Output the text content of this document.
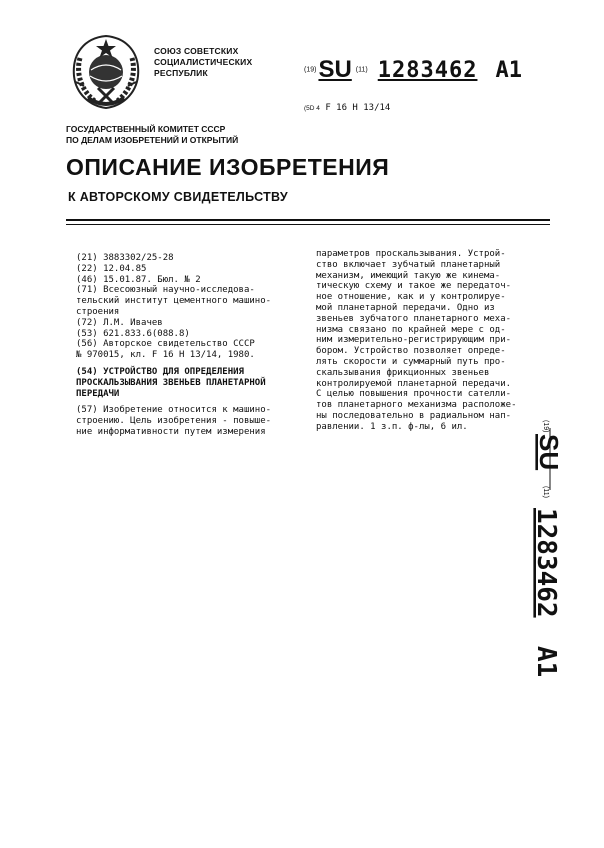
СОЮЗ СОВЕТСКИХ
СОЦИАЛИСТИЧЕСКИХ
РЕСПУБЛИК	(19)SU (11) 1283462 A1
(5D 4 F 16 H 13/14
ГОСУДАРСТВЕННЫЙ КОМИТЕТ СССР
ПО ДЕЛАМ ИЗОБРЕТЕНИЙ И ОТКРЫТИЙ
ОПИСАНИЕ ИЗОБРЕТЕНИЯ
К АВТОРСКОМУ СВИДЕТЕЛЬСТВУ
(21) 3883302/25-28
(22) 12.04.85
(46) 15.01.87. Бюл. № 2
(71) Всесоюзный научно-исследова-
тельский институт цементного машино-
строения
(72) Л.М. Ивачев
(53) 621.833.6(088.8)
(56) Авторское свидетельство СССР
№ 970015, кл. F 16 H 13/14, 1980.
(54) УСТРОЙСТВО ДЛЯ ОПРЕДЕЛЕНИЯ
ПРОСКАЛЬЗЫВАНИЯ ЗВЕНЬЕВ ПЛАНЕТАРНОЙ
ПЕРЕДАЧИ
(57) Изобретение относится к машино-
строению. Цель изобретения - повыше-
ние информативности путем измерения
параметров проскальзывания. Устрой-
ство включает зубчатый планетарный
механизм, имеющий такую же кинема-
тическую схему и такое же передаточ-
ное отношение, как и у контролируе-
мой планетарной передачи. Одно из
звеньев зубчатого планетарного меха-
низма связано по крайней мере с од-
ним измерительно-регистрирующим при-
бором. Устройство позволяет опреде-
лять скорости и суммарный путь про-
скальзывания фрикционных звеньев
контролируемой планетарной передачи.
С целью повышения прочности сателли-
тов планетарного механизма расположе-
ны последовательно в радиальном нап-
равлении. 1 з.п. ф-лы, 6 ил.	(19)
SU
(11)
1283462
A1
